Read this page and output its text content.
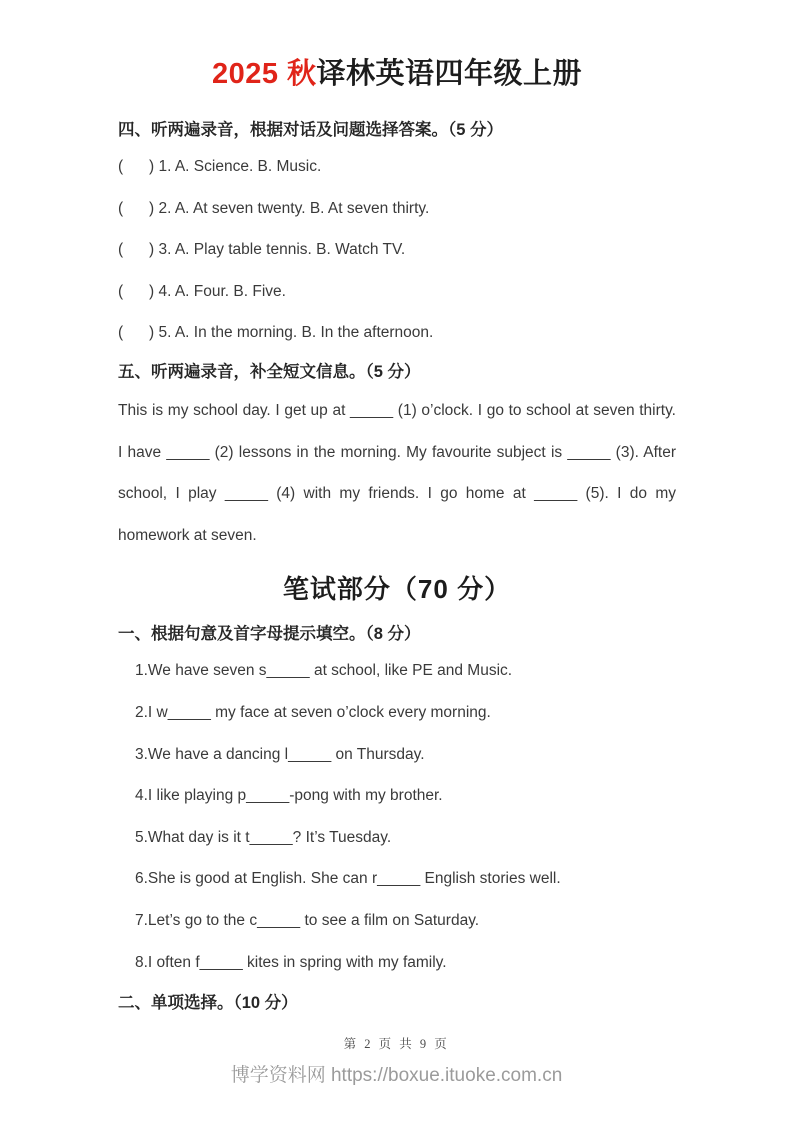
2025 秋译林英语四年级上册
四、听两遍录音，根据对话及问题选择答案。（5 分）
(      ) 1. A. Science. B. Music.
(      ) 2. A. At seven twenty. B. At seven thirty.
(      ) 3. A. Play table tennis. B. Watch TV.
(      ) 4. A. Four. B. Five.
(      ) 5. A. In the morning. B. In the afternoon.
五、听两遍录音，补全短文信息。（5 分）
This is my school day. I get up at _____ (1) o’clock. I go to school at seven thirty.
I have _____ (2) lessons in the morning. My favourite subject is _____ (3). After
school, I play _____ (4) with my friends. I go home at _____ (5). I do my
homework at seven.
笔试部分（70 分）
一、根据句意及首字母提示填空。（8 分）
1.We have seven s_____ at school, like PE and Music.
2.I w_____ my face at seven o’clock every morning.
3.We have a dancing l_____ on Thursday.
4.I like playing p_____-pong with my brother.
5.What day is it t_____? It’s Tuesday.
6.She is good at English. She can r_____ English stories well.
7.Let’s go to the c_____ to see a film on Saturday.
8.I often f_____ kites in spring with my family.
二、单项选择。（10 分）
第 2 页 共 9 页
博学资料网 https://boxue.ituoke.com.cn
